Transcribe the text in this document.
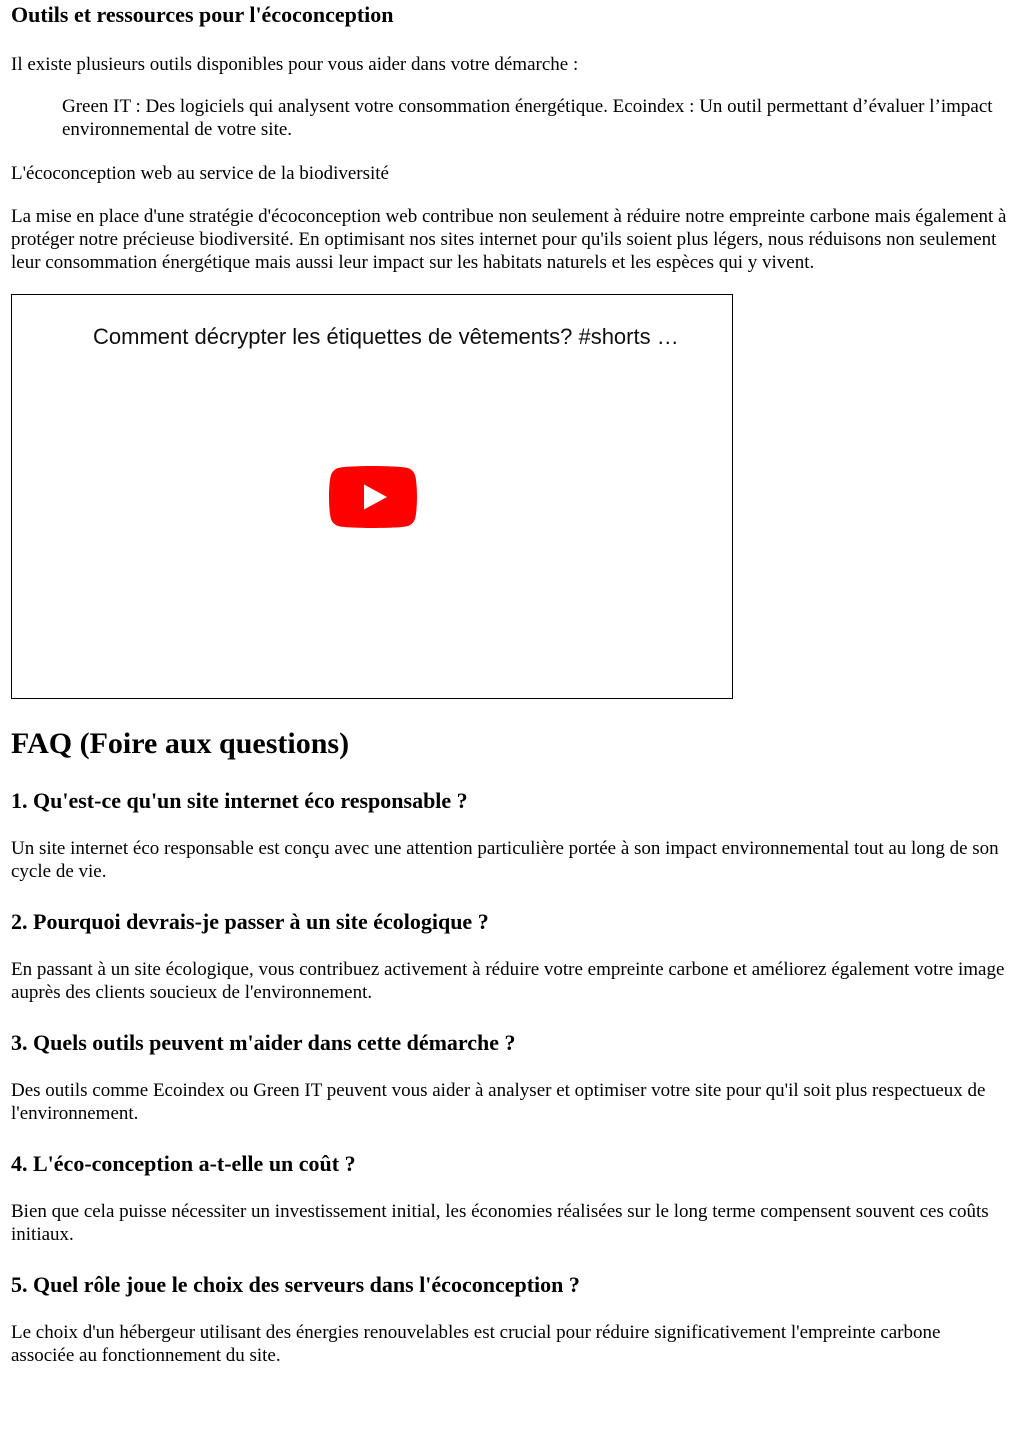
Outils et ressources pour l'écoconception

Il existe plusieurs outils disponibles pour vous aider dans votre démarche :

Green IT : Des logiciels qui analysent votre consommation énergétique. Ecoindex : Un outil permettant d’évaluer l’impact environnemental de votre site.

L'écoconception web au service de la biodiversité

La mise en place d'une stratégie d'écoconception web contribue non seulement à réduire notre empreinte carbone mais également à protéger notre précieuse biodiversité. En optimisant nos sites internet pour qu'ils soient plus légers, nous réduisons non seulement leur consommation énergétique mais aussi leur impact sur les habitats naturels et les espèces qui y vivent.

Comment décrypter les étiquettes de vêtements? #shorts …
FAQ (Foire aux questions)
1. Qu'est-ce qu'un site internet éco responsable ?

Un site internet éco responsable est conçu avec une attention particulière portée à son impact environnemental tout au long de son cycle de vie.

2. Pourquoi devrais-je passer à un site écologique ?

En passant à un site écologique, vous contribuez activement à réduire votre empreinte carbone et améliorez également votre image auprès des clients soucieux de l'environnement.

3. Quels outils peuvent m'aider dans cette démarche ?

Des outils comme Ecoindex ou Green IT peuvent vous aider à analyser et optimiser votre site pour qu'il soit plus respectueux de l'environnement.

4. L'éco-conception a-t-elle un coût ?

Bien que cela puisse nécessiter un investissement initial, les économies réalisées sur le long terme compensent souvent ces coûts initiaux.

5. Quel rôle joue le choix des serveurs dans l'écoconception ?

Le choix d'un hébergeur utilisant des énergies renouvelables est crucial pour réduire significativement l'empreinte carbone associée au fonctionnement du site.
